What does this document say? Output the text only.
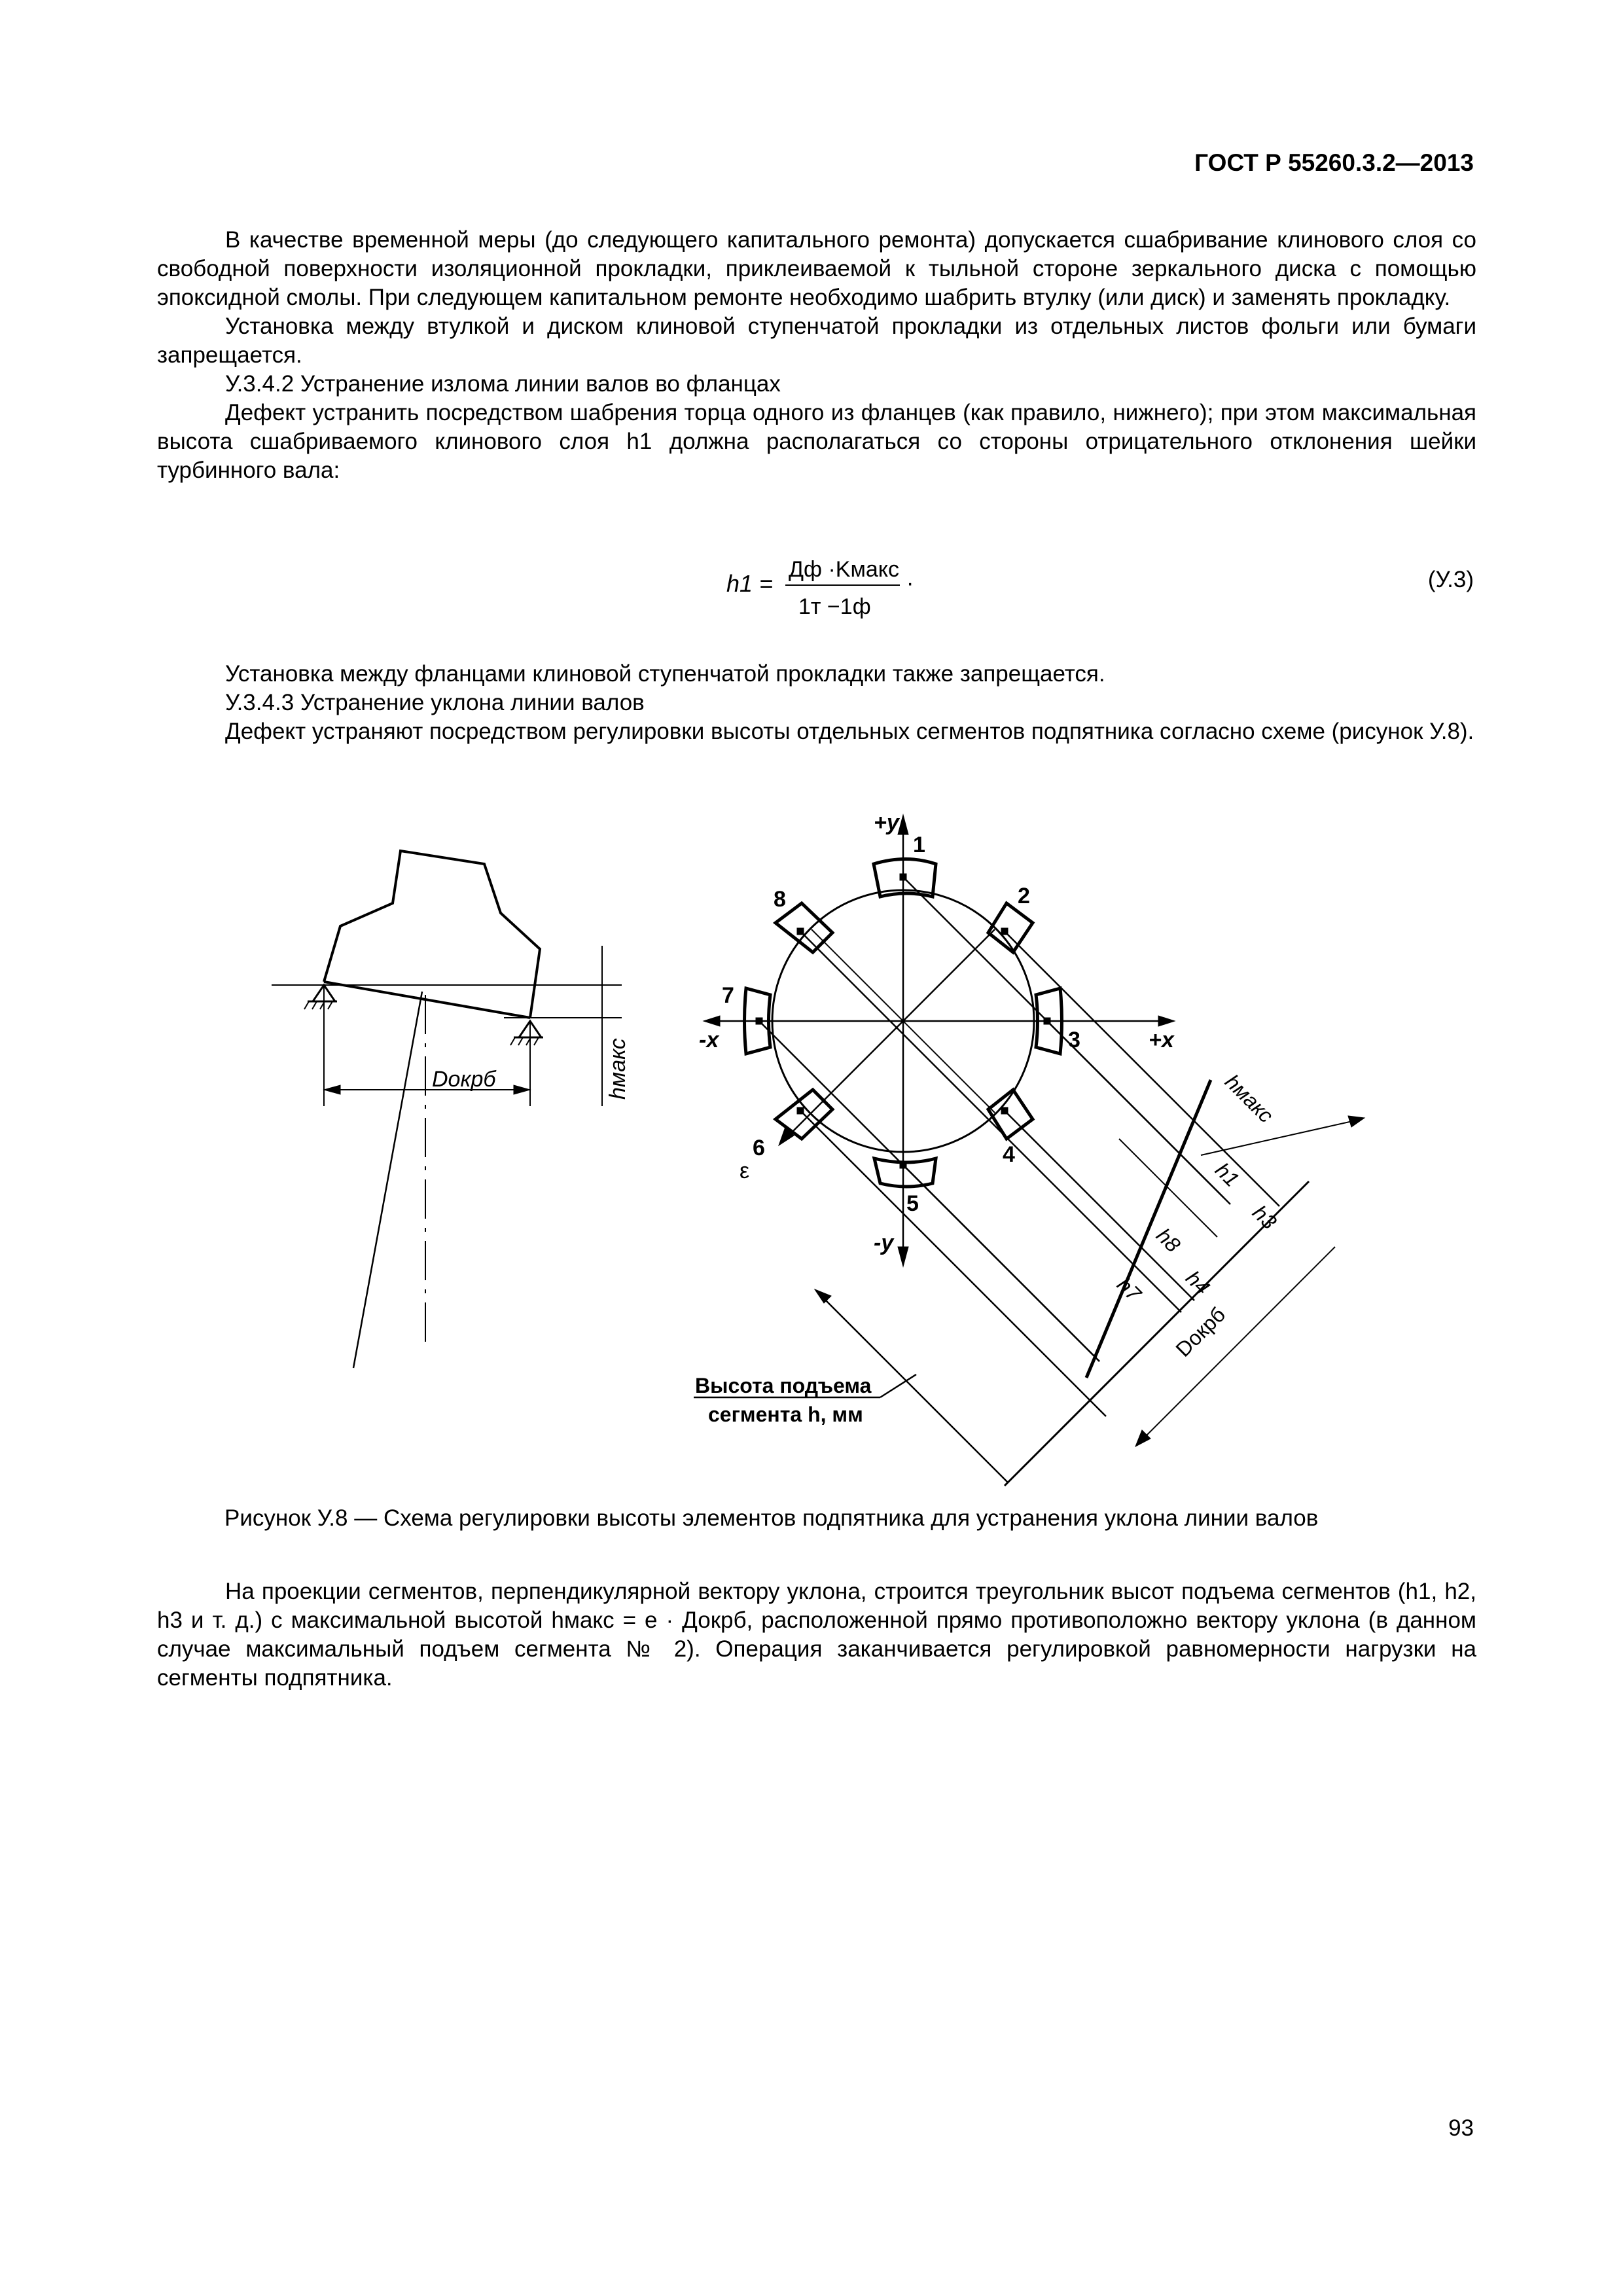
ГОСТ Р 55260.3.2—2013

В качестве временной меры (до следующего капитального ремонта) допускается сшабривание клинового слоя со свободной поверхности изоляционной прокладки, приклеиваемой к тыльной стороне зеркального диска с помощью эпоксидной смолы. При следующем капитальном ремонте необходимо шабрить втулку (или диск) и заменять прокладку.

Установка между втулкой и диском клиновой ступенчатой прокладки из отдельных листов фольги или бумаги запрещается.

У.3.4.2 Устранение излома линии валов во фланцах

Дефект устранить посредством шабрения торца одного из фланцев (как правило, нижнего); при этом максимальная высота сшабриваемого клинового слоя h1 должна располагаться со стороны отрицательного отклонения шейки турбинного вала:

h1 =
Дф ·Kмакс
1т −1ф
·	(У.3)

Установка между фланцами клиновой ступенчатой прокладки также запрещается.

У.3.4.3 Устранение уклона линии валов

Дефект устраняют посредством регулировки высоты отдельных сегментов подпятника согласно схеме (рисунок У.8).

Dокрб	hмакс
+y
-y
+x
-x
ε
1
2
3
4
5
6
7
8
hмакс
h1
h3
h8
h4
h7
Dокрб
Высота подъема
сегмента h, мм
Рисунок У.8 — Схема регулировки высоты элементов подпятника для устранения уклона линии валов

На проекции сегментов, перпендикулярной вектору уклона, строится треугольник высот подъема сегментов (h1, h2, h3 и т. д.) с максимальной высотой hмакс = e · Докрб, расположенной прямо противоположно вектору уклона (в данном случае максимальный подъем сегмента № 2). Операция заканчивается регулировкой равномерности нагрузки на сегменты подпятника.

93
